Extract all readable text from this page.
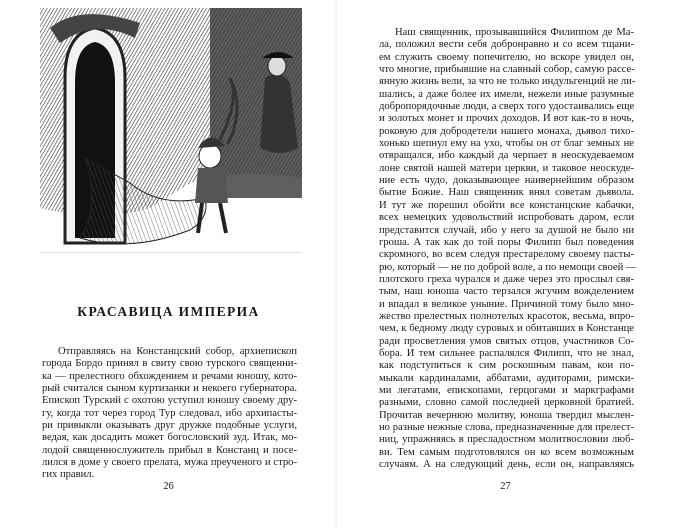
КРАСАВИЦА ИМПЕРИА
Отправляясь на Констанцский собор, архиепископ
города Бордо принял в свиту свою турского священни-
ка — прелестного обхождением и речами юношу, кото-
рый считался сыном куртизанки и некоего губернатора.
Епископ Турский с охотою уступил юношу своему дру-
гу, когда тот через город Тур следовал, ибо архипасты-
ри привыкли оказывать друг дружке подобные услуги,
ведая, как досадить может богословский зуд. Итак, мо-
лодой священнослужитель прибыл в Констанц и посе-
лился в доме у своего прелата, мужа преученого и стро-
гих правил.
26
Наш священник, прозывавшийся Филиппом де Ма-
ла, положил вести себя добронравно и со всем тщани-
ем служить своему попечителю, но вскоре увидел он,
что многие, прибывшие на славный собор, самую рассе-
янную жизнь вели, за что не только индульгенций не ли-
шались, а даже более их имели, нежели иные разумные
добропорядочные люди, а сверх того удостаивались еще
и золотых монет и прочих доходов. И вот как-то в ночь,
роковую для добродетели нашего монаха, дьявол тихо-
хонько шепнул ему на ухо, чтобы он от благ земных не
отвращался, ибо каждый да черпает в неоскудеваемом
лоне святой нашей матери церкви, и таковое неоскуде-
ние есть чудо, доказывающее наивернейшим образом
бытие Божие. Наш священник внял советам дьявола.
И тут же порешил обойти все констанцские кабачки,
всех немецких удовольствий испробовать даром, если
представится случай, ибо у него за душой не было ни
гроша. А так как до той поры Филипп был поведения
скромного, во всем следуя престарелому своему пасты-
рю, который — не по доброй воле, а по немощи своей —
плотского греха чурался и даже через это прослыл свя-
тым, наш юноша часто терзался жгучим вожделением
и впадал в великое уныние. Причиной тому было мно-
жество прелестных полнотелых красоток, весьма, впро-
чем, к бедному люду суровых и обитавших в Констанце
ради просветления умов святых отцов, участников Со-
бора. И тем сильнее распалялся Филипп, что не знал,
как подступиться к сим роскошным павам, кои по-
мыкали кардиналами, аббатами, аудиторами, римски-
ми легатами, епископами, герцогами и маркграфами
разными, словно самой последней церковной братией.
Прочитав вечернюю молитву, юноша твердил мыслен-
но разные нежные слова, предназначенные для прелест-
ниц, упражняясь в пресладостном молитвословии люб-
ви. Тем самым подготовлялся он ко всем возможным
случаям. А на следующий день, если он, направляясь
27
